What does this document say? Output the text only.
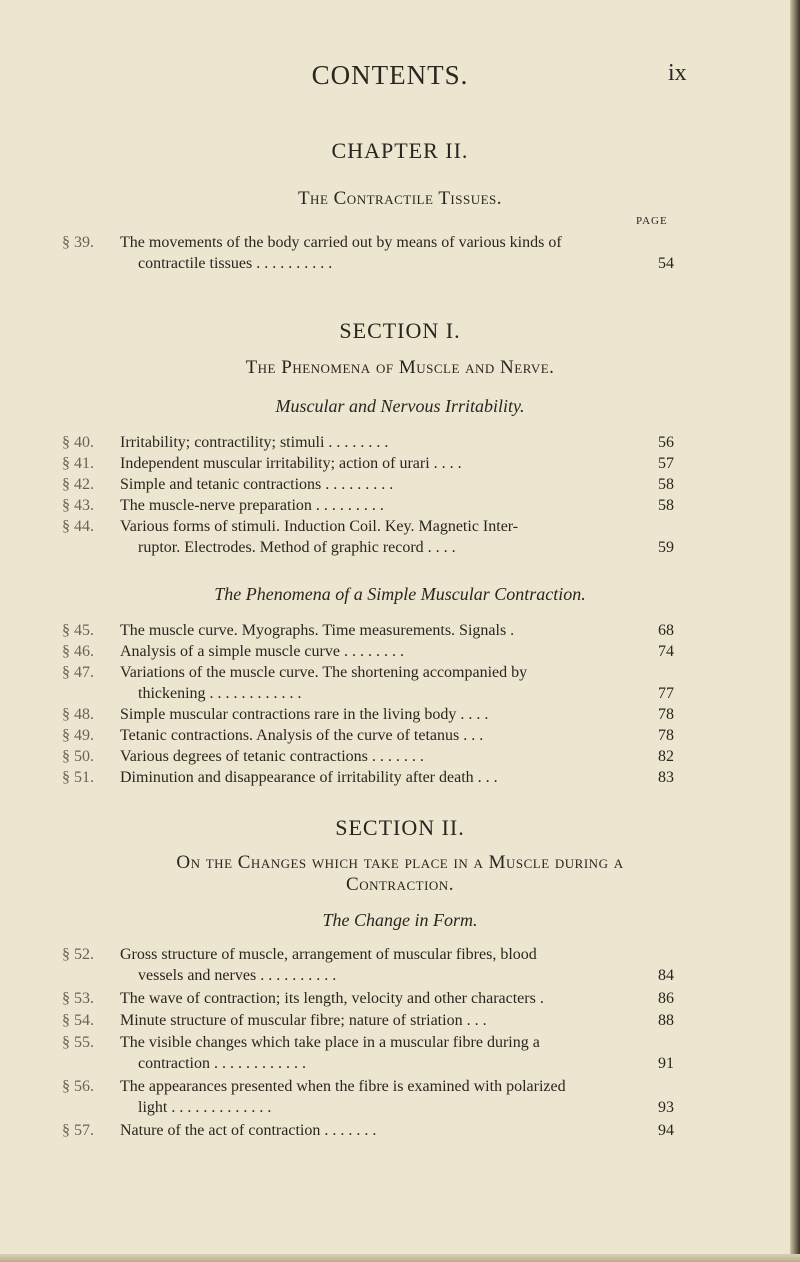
CONTENTS.	ix
CHAPTER II.
The Contractile Tissues.
PAGE
§ 39.	The movements of the body carried out by means of various kinds of
contractile tissues . . . . . . . . . .	54
SECTION I.
The Phenomena of Muscle and Nerve.
Muscular and Nervous Irritability.
§ 40.	Irritability; contractility; stimuli . . . . . . . .	56
§ 41.	Independent muscular irritability; action of urari . . . .	57
§ 42.	Simple and tetanic contractions . . . . . . . . .	58
§ 43.	The muscle-nerve preparation . . . . . . . . .	58
§ 44.	Various forms of stimuli. Induction Coil. Key. Magnetic Inter-
ruptor. Electrodes. Method of graphic record . . . .	59
The Phenomena of a Simple Muscular Contraction.
§ 45.	The muscle curve. Myographs. Time measurements. Signals .	68
§ 46.	Analysis of a simple muscle curve . . . . . . . .	74
§ 47.	Variations of the muscle curve. The shortening accompanied by
thickening . . . . . . . . . . . .	77
§ 48.	Simple muscular contractions rare in the living body . . . .	78
§ 49.	Tetanic contractions. Analysis of the curve of tetanus . . .	78
§ 50.	Various degrees of tetanic contractions . . . . . . .	82
§ 51.	Diminution and disappearance of irritability after death . . .	83
SECTION II.
On the Changes which take place in a Muscle during a
Contraction.
The Change in Form.
§ 52.	Gross structure of muscle, arrangement of muscular fibres, blood
vessels and nerves . . . . . . . . . .	84
§ 53.	The wave of contraction; its length, velocity and other characters .	86
§ 54.	Minute structure of muscular fibre; nature of striation . . .	88
§ 55.	The visible changes which take place in a muscular fibre during a
contraction . . . . . . . . . . . .	91
§ 56.	The appearances presented when the fibre is examined with polarized
light . . . . . . . . . . . . .	93
§ 57.	Nature of the act of contraction . . . . . . .	94
